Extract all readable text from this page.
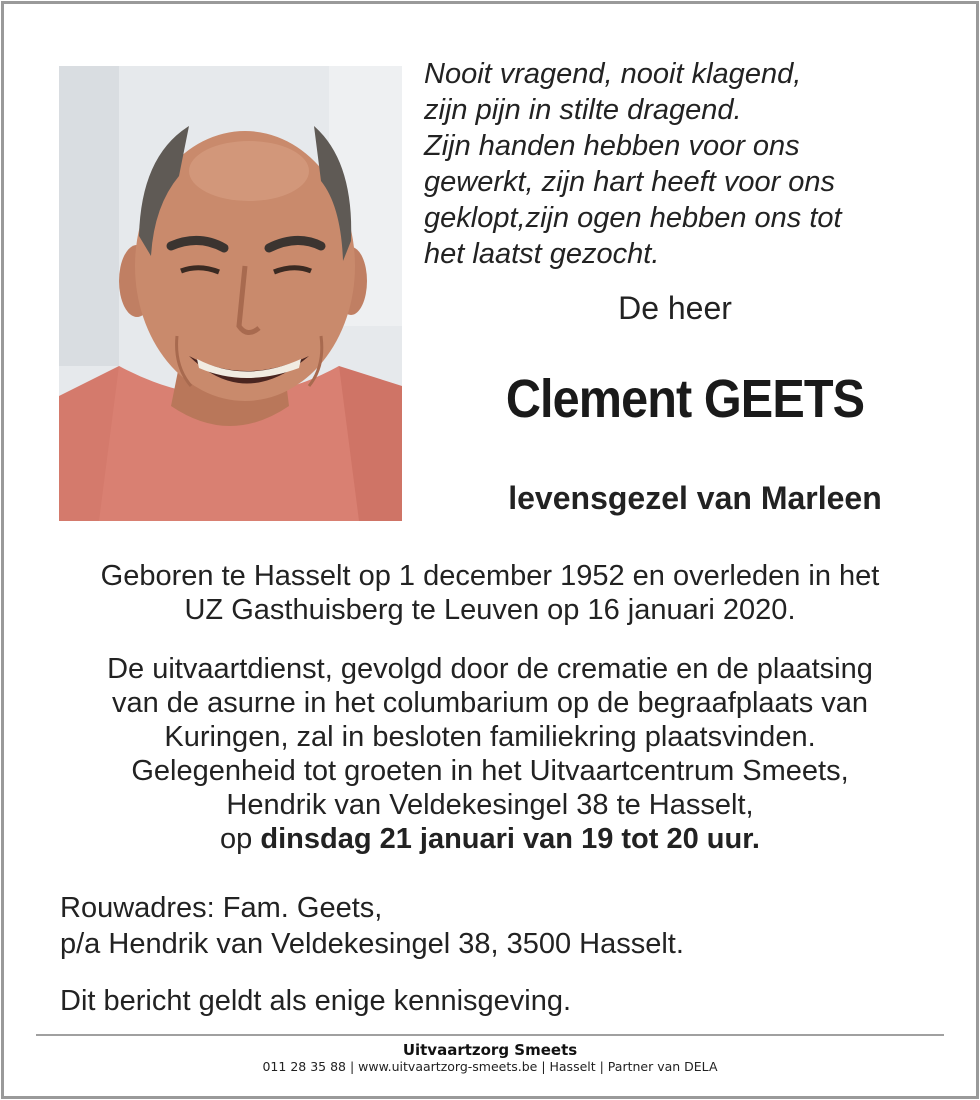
Nooit vragend, nooit klagend,
zijn pijn in stilte dragend.
Zijn handen hebben voor ons
gewerkt, zijn hart heeft voor ons
geklopt,zijn ogen hebben ons tot
het laatst gezocht.
De heer
Clement GEETS
levensgezel van Marleen
Geboren te Hasselt op 1 december 1952 en overleden in het
UZ Gasthuisberg te Leuven op 16 januari 2020.
De uitvaartdienst, gevolgd door de crematie en de plaatsing
van de asurne in het columbarium op de begraafplaats van
Kuringen, zal in besloten familiekring plaatsvinden.
Gelegenheid tot groeten in het Uitvaartcentrum Smeets,
Hendrik van Veldekesingel 38 te Hasselt,
op dinsdag 21 januari van 19 tot 20 uur.
Rouwadres: Fam. Geets,
p/a Hendrik van Veldekesingel 38, 3500 Hasselt.
Dit bericht geldt als enige kennisgeving.
Uitvaartzorg Smeets
011 28 35 88 | www.uitvaartzorg-smeets.be | Hasselt | Partner van DELA
